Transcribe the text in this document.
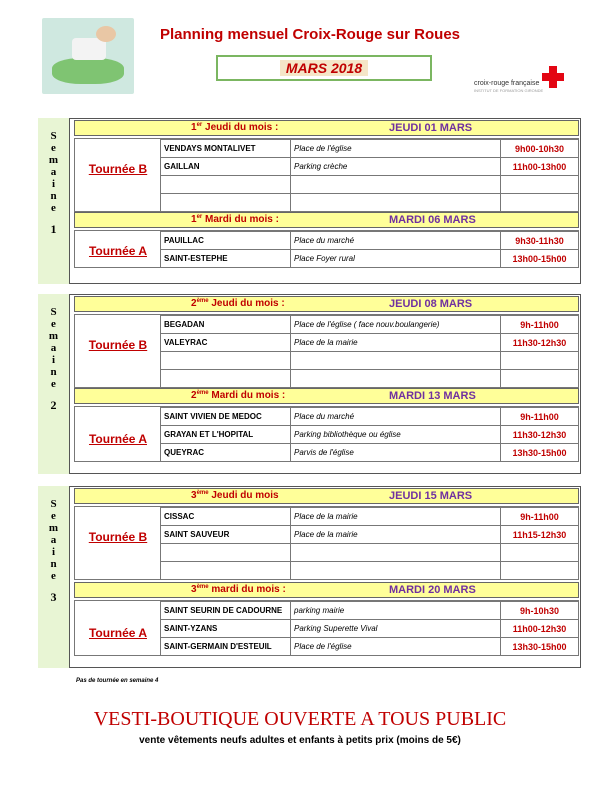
Planning mensuel Croix-Rouge sur Roues
MARS 2018
croix-rouge française
INSTITUT DE FORMATION GIRONDE
S
e
m
a
i
n
e
1
1er Jeudi du mois :	JEUDI 01 MARS
Tournée B
VENDAYS MONTALIVET	Place de l'église	9h00-10h30
GAILLAN	Parking crèche	11h00-13h00

1er Mardi du mois :	MARDI 06 MARS
Tournée A
PAUILLAC	Place du marché	9h30-11h30
SAINT-ESTEPHE	Place Foyer rural	13h00-15h00
S
e
m
a
i
n
e
2
2ème Jeudi du mois :	JEUDI 08 MARS
Tournée B
BEGADAN	Place de l'église ( face nouv.boulangerie)	9h-11h00
VALEYRAC	Place de la mairie	11h30-12h30

2ème Mardi du mois :	MARDI 13 MARS
Tournée A
SAINT VIVIEN DE MEDOC	Place du marché	9h-11h00
GRAYAN ET L'HOPITAL	Parking bibliothèque ou église	11h30-12h30
QUEYRAC	Parvis de l'église	13h30-15h00
S
e
m
a
i
n
e
3
3ème Jeudi du mois	JEUDI 15 MARS
Tournée B
CISSAC	Place de la mairie	9h-11h00
SAINT SAUVEUR	Place de la mairie	11h15-12h30

3ème mardi du mois :	MARDI 20 MARS
Tournée A
SAINT SEURIN DE CADOURNE	parking mairie	9h-10h30
SAINT-YZANS	Parking Superette Vival	11h00-12h30
SAINT-GERMAIN D'ESTEUIL	Place de l'église	13h30-15h00
Pas de tournée en semaine 4
VESTI-BOUTIQUE OUVERTE A TOUS PUBLIC
vente vêtements neufs adultes et enfants à petits prix (moins de 5€)
